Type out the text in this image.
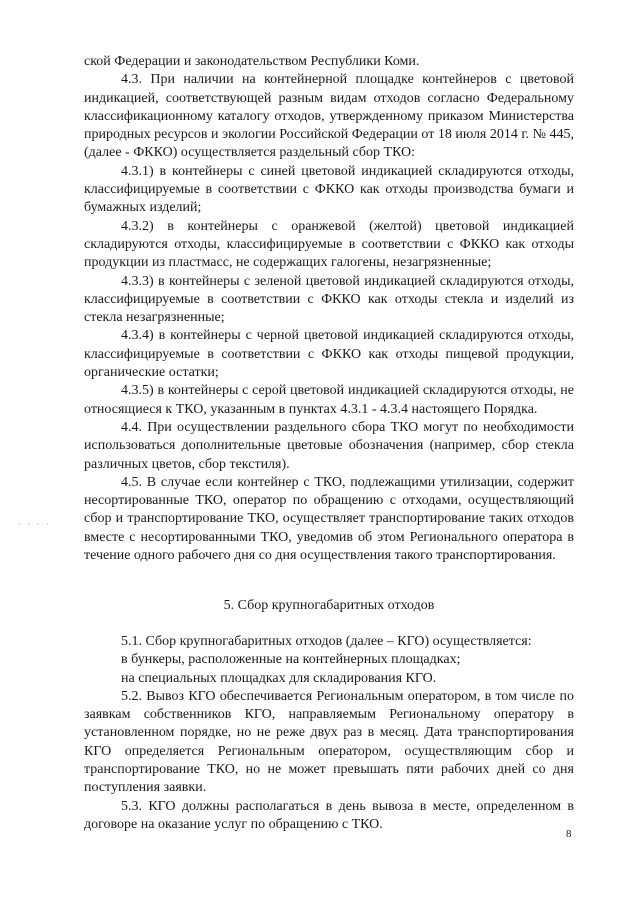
ской Федерации и законодательством Республики Коми.

4.3. При наличии на контейнерной площадке контейнеров с цветовой индикацией, соответствующей разным видам отходов согласно Федеральному классификационному каталогу отходов, утвержденному приказом Министерства природных ресурсов и экологии Российской Федерации от 18 июля 2014 г. № 445, (далее - ФККО) осуществляется раздельный сбор ТКО:

4.3.1) в контейнеры с синей цветовой индикацией складируются отходы, классифицируемые в соответствии с ФККО как отходы производства бумаги и бумажных изделий;

4.3.2) в контейнеры с оранжевой (желтой) цветовой индикацией складируются отходы, классифицируемые в соответствии с ФККО как отходы продукции из пластмасс, не содержащих галогены, незагрязненные;

4.3.3) в контейнеры с зеленой цветовой индикацией складируются отходы, классифицируемые в соответствии с ФККО как отходы стекла и изделий из стекла незагрязненные;

4.3.4) в контейнеры с черной цветовой индикацией складируются отходы, классифицируемые в соответствии с ФККО как отходы пищевой продукции, органические остатки;

4.3.5) в контейнеры с серой цветовой индикацией складируются отходы, не относящиеся к ТКО, указанным в пунктах 4.3.1 - 4.3.4 настоящего Порядка.

4.4. При осуществлении раздельного сбора ТКО могут по необходимости использоваться дополнительные цветовые обозначения (например, сбор стекла различных цветов, сбор текстиля).

4.5. В случае если контейнер с ТКО, подлежащими утилизации, содержит несортированные ТКО, оператор по обращению с отходами, осуществляющий сбор и транспортирование ТКО, осуществляет транспортирование таких отходов вместе с несортированными ТКО, уведомив об этом Регионального оператора в течение одного рабочего дня со дня осуществления такого транспортирования.

· · · ·
5. Сбор крупногабаритных отходов

5.1. Сбор крупногабаритных отходов (далее – КГО) осуществляется:

в бункеры, расположенные на контейнерных площадках;

на специальных площадках для складирования КГО.

5.2. Вывоз КГО обеспечивается Региональным оператором, в том числе по заявкам собственников КГО, направляемым Региональному оператору в установленном порядке, но не реже двух раз в месяц. Дата транспортирования КГО определяется Региональным оператором, осуществляющим сбор и транспортирование ТКО, но не может превышать пяти рабочих дней со дня поступления заявки.

5.3. КГО должны располагаться в день вывоза в месте, определенном в договоре на оказание услуг по обращению с ТКО.

8
